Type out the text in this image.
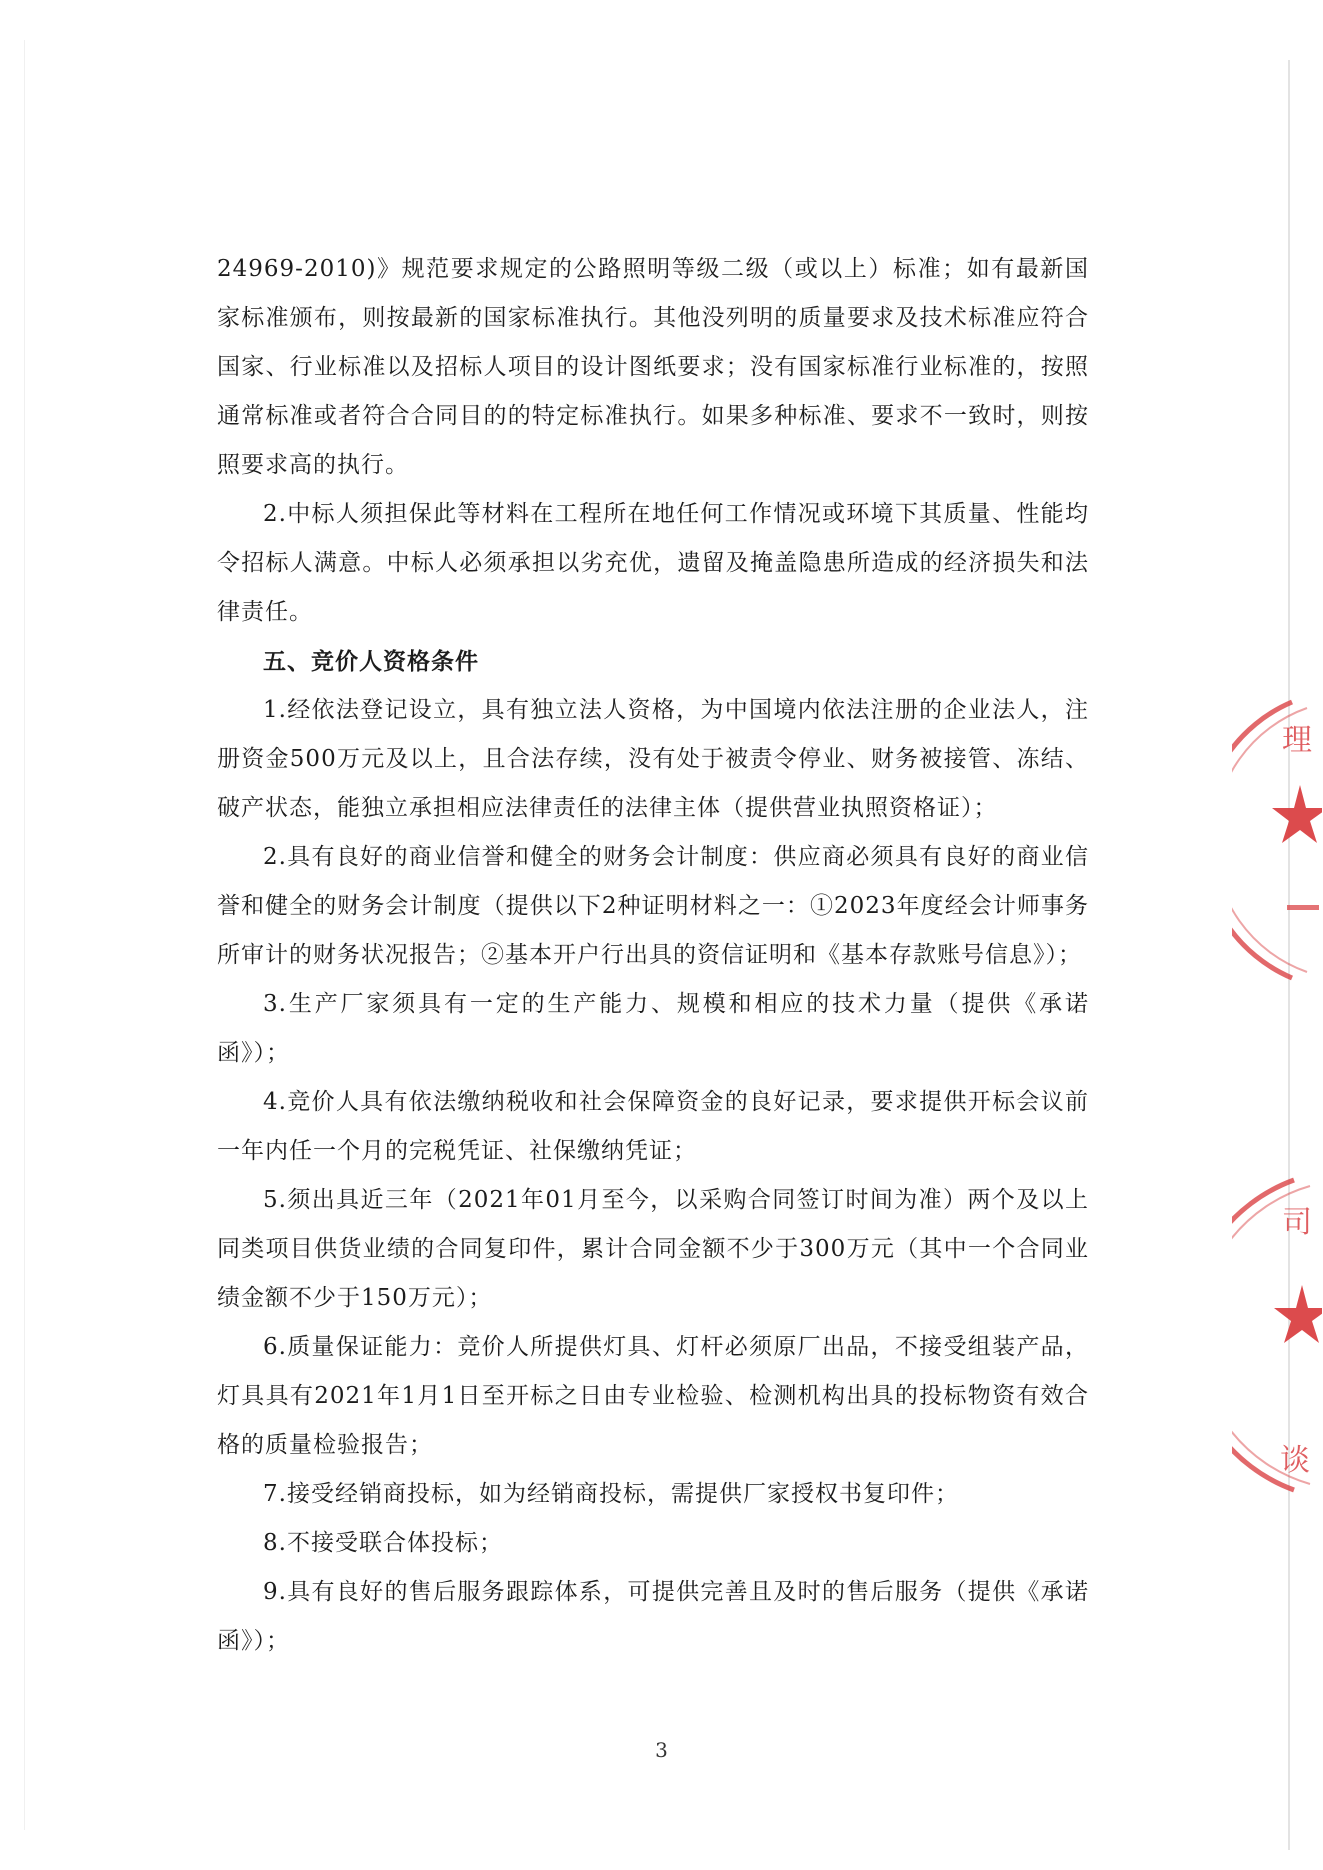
24969-2010)》规范要求规定的公路照明等级二级（或以上）标准；如有最新国家标准颁布，则按最新的国家标准执行。其他没列明的质量要求及技术标准应符合国家、行业标准以及招标人项目的设计图纸要求；没有国家标准行业标准的，按照通常标准或者符合合同目的的特定标准执行。如果多种标准、要求不一致时，则按照要求高的执行。

2.中标人须担保此等材料在工程所在地任何工作情况或环境下其质量、性能均令招标人满意。中标人必须承担以劣充优，遗留及掩盖隐患所造成的经济损失和法律责任。

五、竞价人资格条件

1.经依法登记设立，具有独立法人资格，为中国境内依法注册的企业法人，注册资金500万元及以上，且合法存续，没有处于被责令停业、财务被接管、冻结、破产状态，能独立承担相应法律责任的法律主体（提供营业执照资格证）；

2.具有良好的商业信誉和健全的财务会计制度：供应商必须具有良好的商业信誉和健全的财务会计制度（提供以下2种证明材料之一：①2023年度经会计师事务所审计的财务状况报告；②基本开户行出具的资信证明和《基本存款账号信息》）；

3.生产厂家须具有一定的生产能力、规模和相应的技术力量（提供《承诺函》）；

4.竞价人具有依法缴纳税收和社会保障资金的良好记录，要求提供开标会议前一年内任一个月的完税凭证、社保缴纳凭证；

5.须出具近三年（2021年01月至今，以采购合同签订时间为准）两个及以上同类项目供货业绩的合同复印件，累计合同金额不少于300万元（其中一个合同业绩金额不少于150万元）；

6.质量保证能力：竞价人所提供灯具、灯杆必须原厂出品，不接受组装产品，灯具具有2021年1月1日至开标之日由专业检验、检测机构出具的投标物资有效合格的质量检验报告；

7.接受经销商投标，如为经销商投标，需提供厂家授权书复印件；

8.不接受联合体投标；

9.具有良好的售后服务跟踪体系，可提供完善且及时的售后服务（提供《承诺函》）；

3
理
司
谈
